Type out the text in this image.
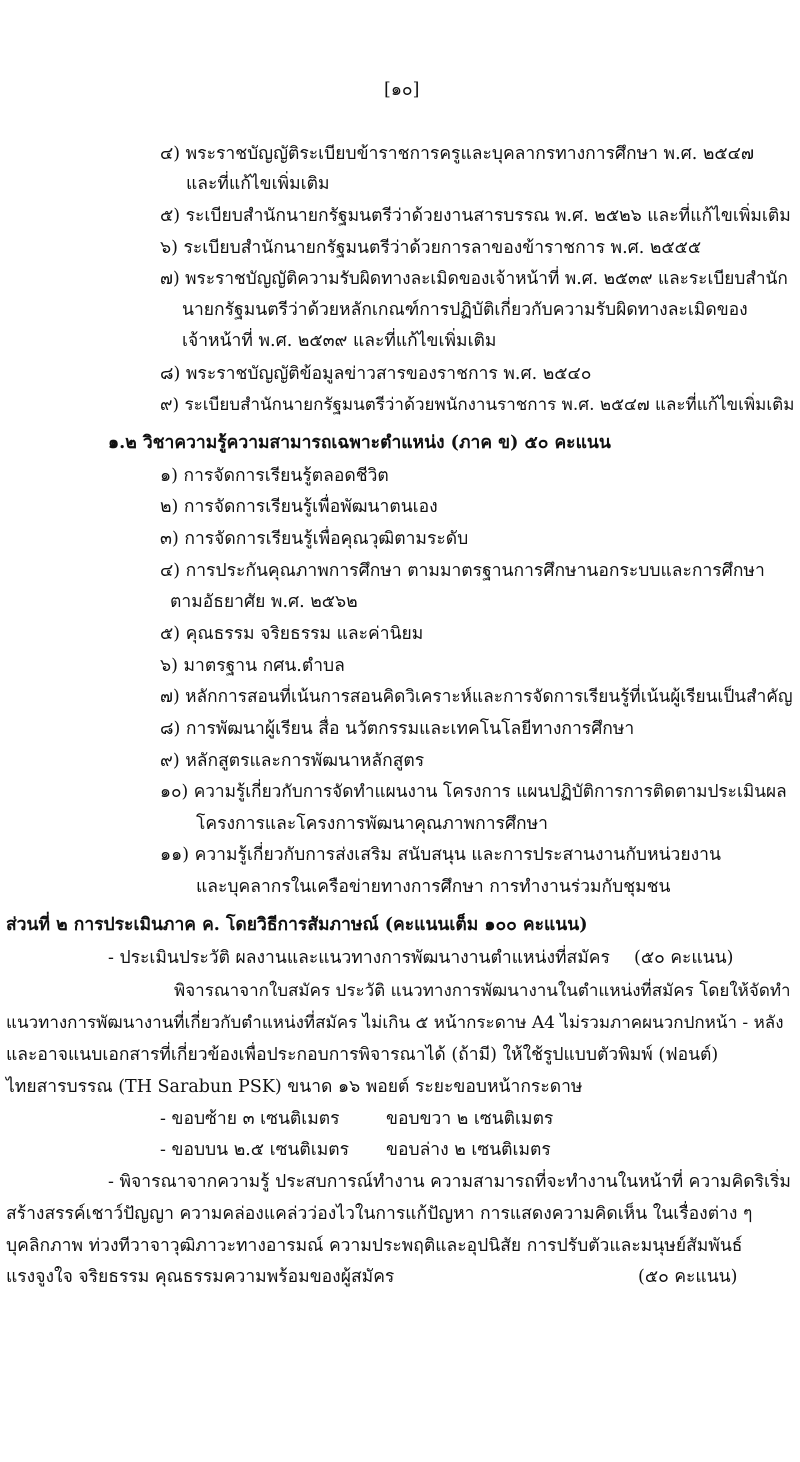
[๑๐]
๔) พระราชบัญญัติระเบียบข้าราชการครูและบุคลากรทางการศึกษา พ.ศ. ๒๕๔๗
และที่แก้ไขเพิ่มเติม
๕) ระเบียบสำนักนายกรัฐมนตรีว่าด้วยงานสารบรรณ พ.ศ. ๒๕๒๖ และที่แก้ไขเพิ่มเติม
๖) ระเบียบสำนักนายกรัฐมนตรีว่าด้วยการลาของข้าราชการ พ.ศ. ๒๕๕๕
๗) พระราชบัญญัติความรับผิดทางละเมิดของเจ้าหน้าที่ พ.ศ. ๒๕๓๙ และระเบียบสำนัก
นายกรัฐมนตรีว่าด้วยหลักเกณฑ์การปฏิบัติเกี่ยวกับความรับผิดทางละเมิดของ
เจ้าหน้าที่ พ.ศ. ๒๕๓๙ และที่แก้ไขเพิ่มเติม
๘) พระราชบัญญัติข้อมูลข่าวสารของราชการ พ.ศ. ๒๕๔๐
๙) ระเบียบสำนักนายกรัฐมนตรีว่าด้วยพนักงานราชการ พ.ศ. ๒๕๔๗ และที่แก้ไขเพิ่มเติม
๑.๒ วิชาความรู้ความสามารถเฉพาะตำแหน่ง (ภาค ข) ๕๐ คะแนน
๑) การจัดการเรียนรู้ตลอดชีวิต
๒) การจัดการเรียนรู้เพื่อพัฒนาตนเอง
๓) การจัดการเรียนรู้เพื่อคุณวุฒิตามระดับ
๔) การประกันคุณภาพการศึกษา ตามมาตรฐานการศึกษานอกระบบและการศึกษา
ตามอัธยาศัย พ.ศ. ๒๕๖๒
๕) คุณธรรม จริยธรรม และค่านิยม
๖) มาตรฐาน กศน.ตำบล
๗) หลักการสอนที่เน้นการสอนคิดวิเคราะห์และการจัดการเรียนรู้ที่เน้นผู้เรียนเป็นสำคัญ
๘) การพัฒนาผู้เรียน สื่อ นวัตกรรมและเทคโนโลยีทางการศึกษา
๙) หลักสูตรและการพัฒนาหลักสูตร
๑๐) ความรู้เกี่ยวกับการจัดทำแผนงาน โครงการ แผนปฏิบัติการการติดตามประเมินผล
โครงการและโครงการพัฒนาคุณภาพการศึกษา
๑๑) ความรู้เกี่ยวกับการส่งเสริม สนับสนุน และการประสานงานกับหน่วยงาน
และบุคลากรในเครือข่ายทางการศึกษา การทำงานร่วมกับชุมชน
ส่วนที่ ๒ การประเมินภาค ค. โดยวิธีการสัมภาษณ์ (คะแนนเต็ม ๑๐๐ คะแนน)
- ประเมินประวัติ ผลงานและแนวทางการพัฒนางานตำแหน่งที่สมัคร (๕๐ คะแนน)
พิจารณาจากใบสมัคร ประวัติ แนวทางการพัฒนางานในตำแหน่งที่สมัคร โดยให้จัดทำ
แนวทางการพัฒนางานที่เกี่ยวกับตำแหน่งที่สมัคร ไม่เกิน ๕ หน้ากระดาษ A4 ไม่รวมภาคผนวกปกหน้า - หลัง
และอาจแนบเอกสารที่เกี่ยวข้องเพื่อประกอบการพิจารณาได้ (ถ้ามี) ให้ใช้รูปแบบตัวพิมพ์ (ฟอนต์)
ไทยสารบรรณ (TH Sarabun PSK) ขนาด ๑๖ พอยต์ ระยะขอบหน้ากระดาษ
- ขอบซ้าย ๓ เซนติเมตร	ขอบขวา ๒ เซนติเมตร
- ขอบบน ๒.๕ เซนติเมตร ขอบล่าง ๒ เซนติเมตร
- พิจารณาจากความรู้ ประสบการณ์ทำงาน ความสามารถที่จะทำงานในหน้าที่ ความคิดริเริ่ม
สร้างสรรค์เชาว์ปัญญา ความคล่องแคล่วว่องไวในการแก้ปัญหา การแสดงความคิดเห็น ในเรื่องต่าง ๆ
บุคลิกภาพ ท่วงทีวาจาวุฒิภาวะทางอารมณ์ ความประพฤติและอุปนิสัย การปรับตัวและมนุษย์สัมพันธ์
แรงจูงใจ จริยธรรม คุณธรรมความพร้อมของผู้สมัคร	(๕๐ คะแนน)
